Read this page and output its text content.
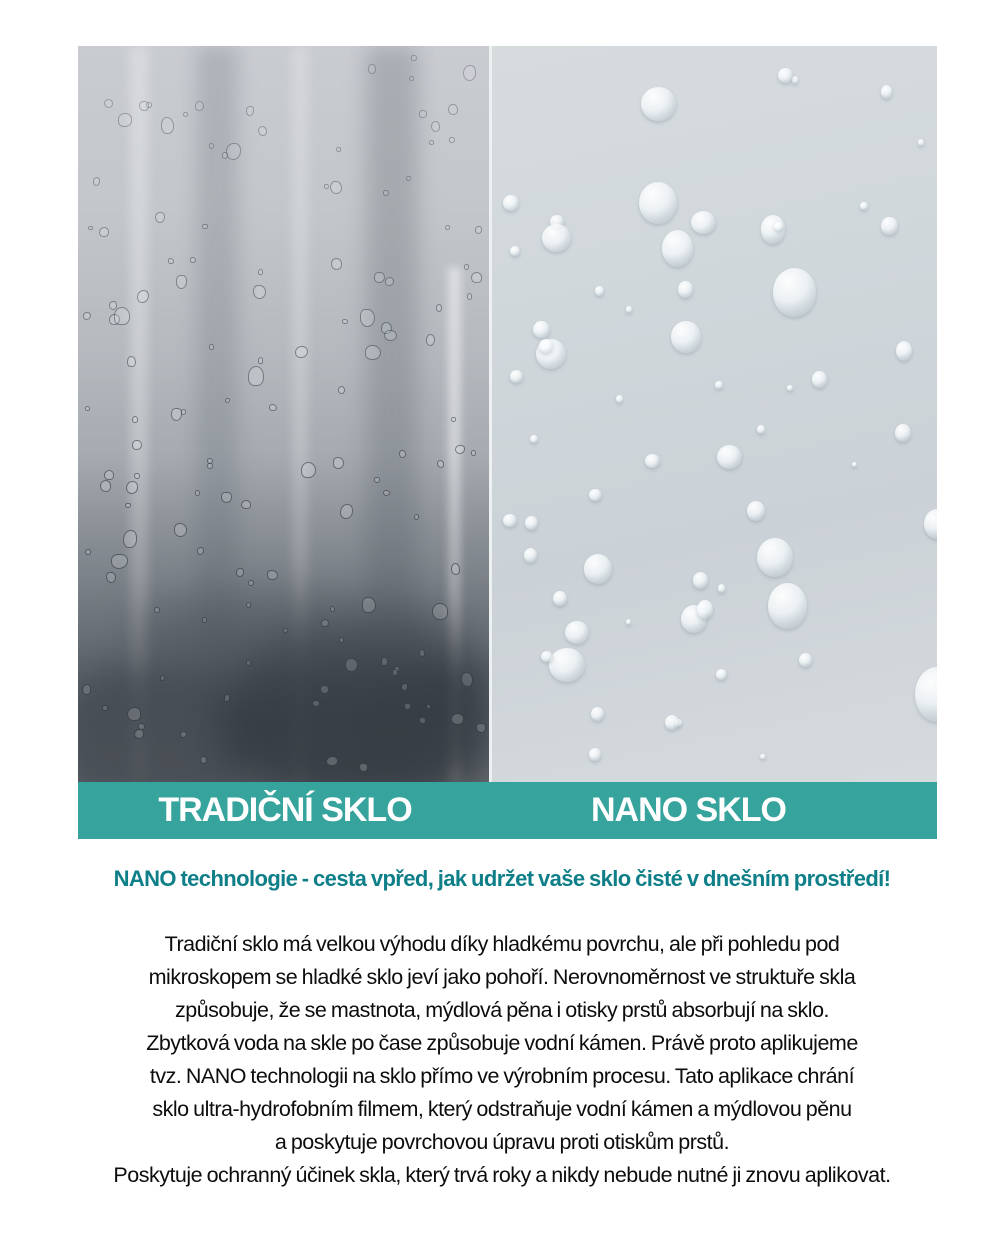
TRADIČNÍ SKLO	NANO SKLO
NANO technologie - cesta vpřed, jak udržet vaše sklo čisté v dnešním prostředí!
Tradiční sklo má velkou výhodu díky hladkému povrchu, ale při pohledu pod
mikroskopem se hladké sklo jeví jako pohoří. Nerovnoměrnost ve struktuře skla
způsobuje, že se mastnota, mýdlová pěna i otisky prstů absorbují na sklo.
Zbytková voda na skle po čase způsobuje vodní kámen. Právě proto aplikujeme
tvz. NANO technologii na sklo přímo ve výrobním procesu. Tato aplikace chrání
sklo ultra-hydrofobním filmem, který odstraňuje vodní kámen a mýdlovou pěnu
a poskytuje povrchovou úpravu proti otiskům prstů.
Poskytuje ochranný účinek skla, který trvá roky a nikdy nebude nutné ji znovu aplikovat.
